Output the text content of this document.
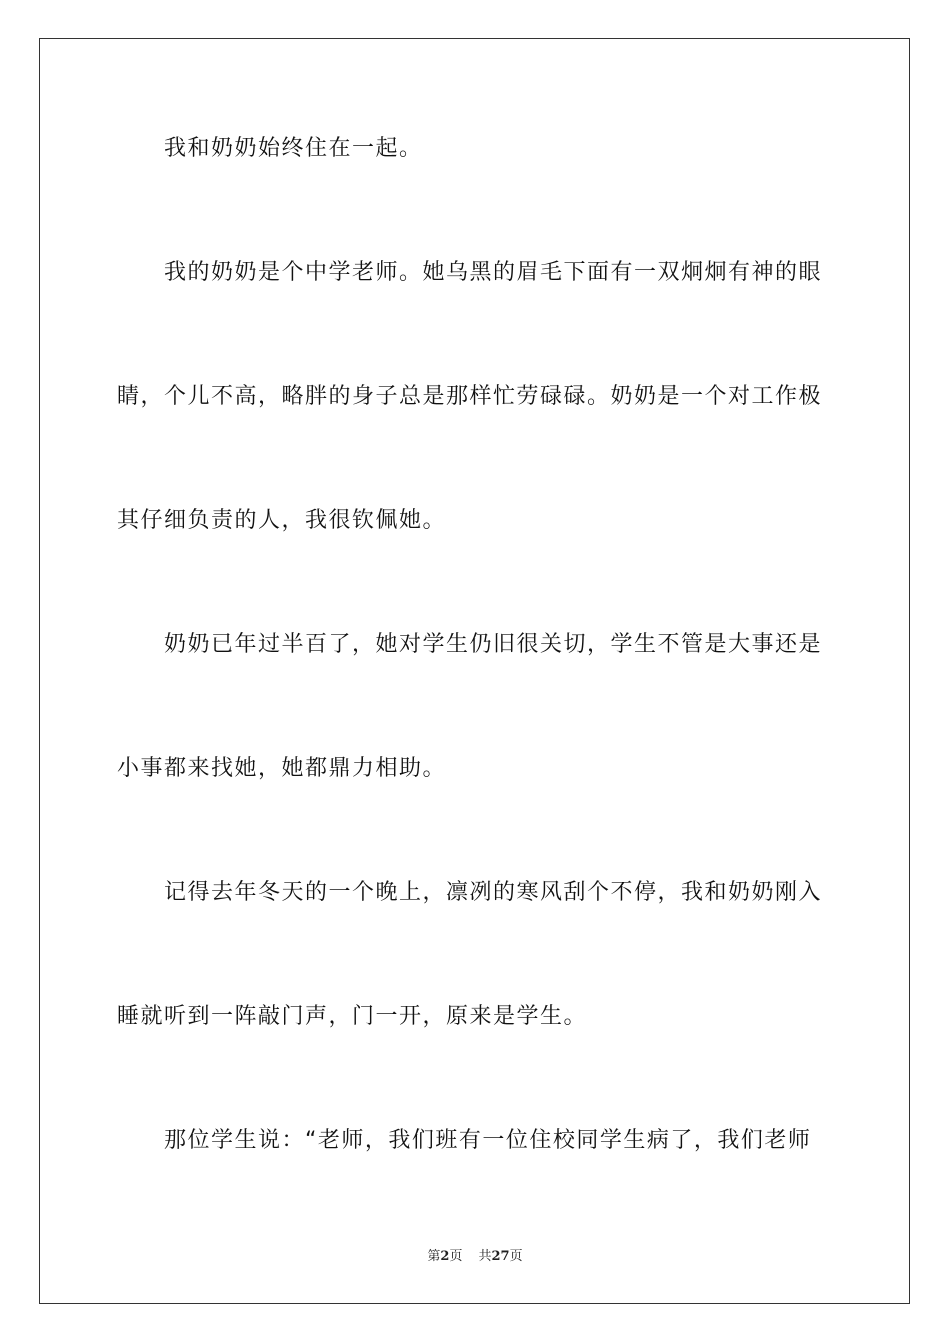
我和奶奶始终住在一起。
我的奶奶是个中学老师。她乌黑的眉毛下面有一双炯炯有神的眼
睛，个儿不高，略胖的身子总是那样忙劳碌碌。奶奶是一个对工作极
其仔细负责的人，我很钦佩她。
奶奶已年过半百了，她对学生仍旧很关切，学生不管是大事还是
小事都来找她，她都鼎力相助。
记得去年冬天的一个晚上，凛冽的寒风刮个不停，我和奶奶刚入
睡就听到一阵敲门声，门一开，原来是学生。
那位学生说：“老师，我们班有一位住校同学生病了，我们老师
第2页 共27页
